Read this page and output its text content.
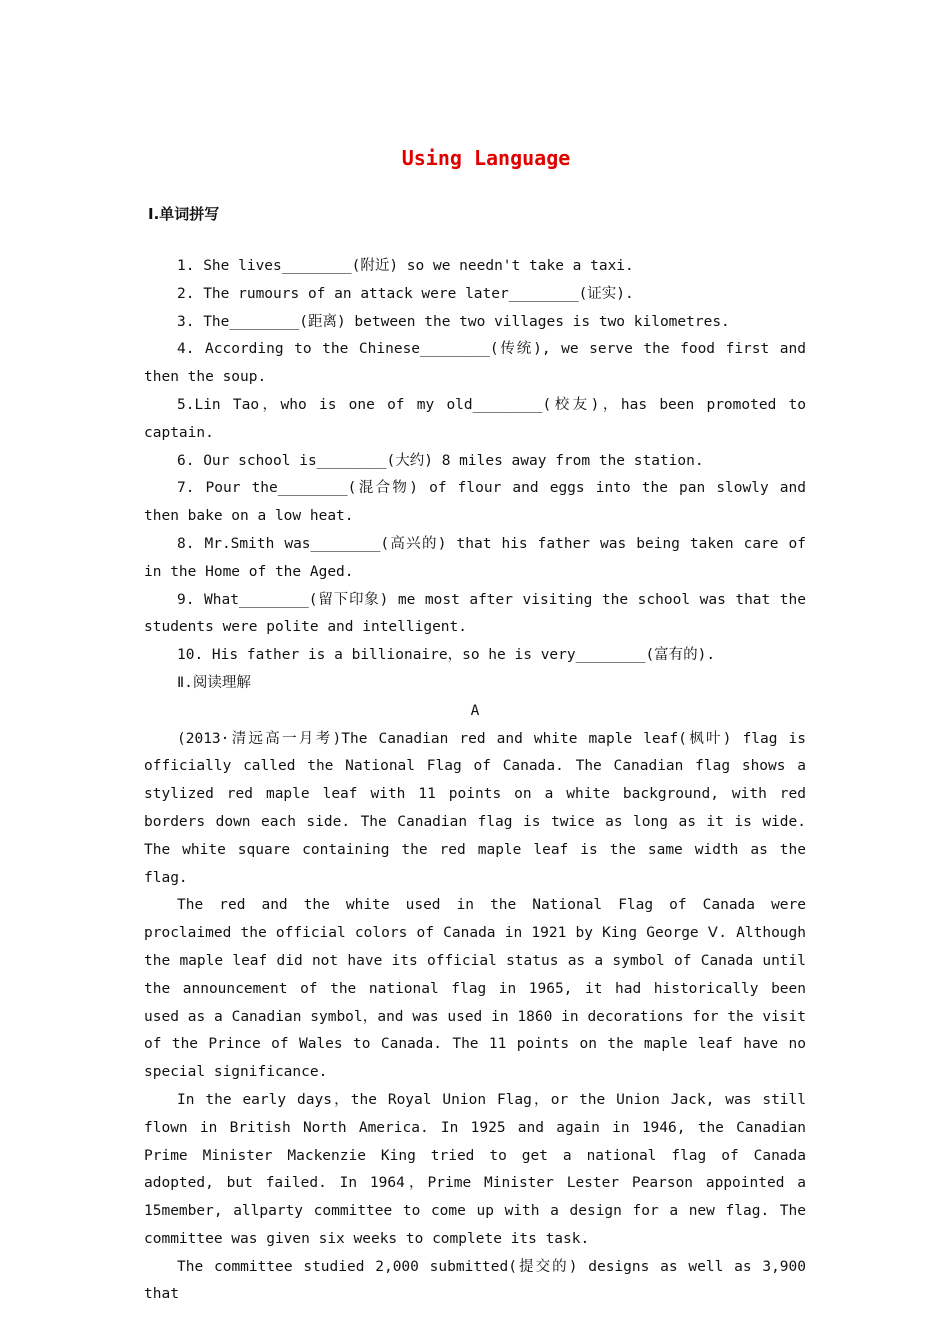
Using Language
Ⅰ.单词拼写

1. She lives________(附近) so we needn't take a taxi.

2. The rumours of an attack were later________(证实).

3. The________(距离) between the two villages is two kilometres.

4. According to the Chinese________(传统), we serve the food first and then the soup.

5.Lin Tao，who is one of my old________(校友)，has been promoted to captain.

6. Our school is________(大约) 8 miles away from the station.

7. Pour the________(混合物) of flour and eggs into the pan slowly and then bake on a low heat.

8. Mr.Smith was________(高兴的) that his father was being taken care of in the Home of the Aged.

9. What________(留下印象) me most after visiting the school was that the students were polite and intelligent.

10. His father is a billionaire，so he is very________(富有的).

Ⅱ.阅读理解

A

(2013·清远高一月考)The Canadian red and white maple leaf(枫叶) flag is officially called the National Flag of Canada. The Canadian flag shows a stylized red maple leaf with 11 points on a white background, with red borders down each side. The Canadian flag is twice as long as it is wide. The white square containing the red maple leaf is the same width as the flag.

The red and the white used in the National Flag of Canada were proclaimed the official colors of Canada in 1921 by King George Ⅴ. Although the maple leaf did not have its official status as a symbol of Canada until the announcement of the national flag in 1965, it had historically been used as a Canadian symbol，and was used in 1860 in decorations for the visit of the Prince of Wales to Canada. The 11 points on the maple leaf have no special significance.

In the early days，the Royal Union Flag，or the Union Jack, was still flown in British North America. In 1925 and again in 1946, the Canadian Prime Minister Mackenzie King tried to get a national flag of Canada adopted, but failed. In 1964，Prime Minister Lester Pearson appointed a 15member, allparty committee to come up with a design for a new flag. The committee was given six weeks to complete its task.

The committee studied 2,000 submitted(提交的) designs as well as 3,900 that
